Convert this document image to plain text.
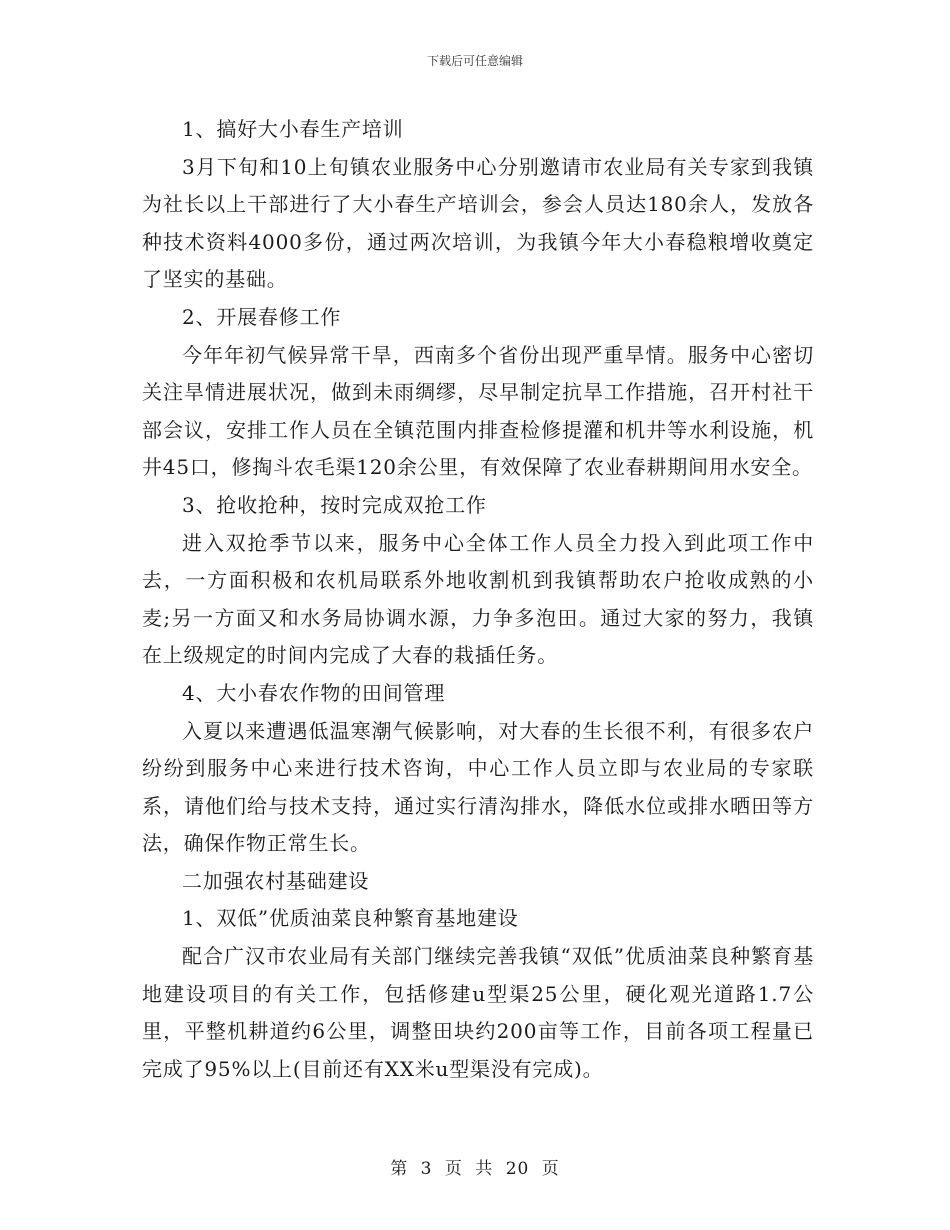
下载后可任意编辑

1、搞好大小春生产培训

3月下旬和10上旬镇农业服务中心分别邀请市农业局有关专家到我镇为社长以上干部进行了大小春生产培训会，参会人员达180余人，发放各种技术资料4000多份，通过两次培训，为我镇今年大小春稳粮增收奠定了坚实的基础。

2、开展春修工作

今年年初气候异常干旱，西南多个省份出现严重旱情。服务中心密切关注旱情进展状况，做到未雨绸缪，尽早制定抗旱工作措施，召开村社干部会议，安排工作人员在全镇范围内排查检修提灌和机井等水利设施，机井45口，修掏斗农毛渠120余公里，有效保障了农业春耕期间用水安全。

3、抢收抢种，按时完成双抢工作

进入双抢季节以来，服务中心全体工作人员全力投入到此项工作中去，一方面积极和农机局联系外地收割机到我镇帮助农户抢收成熟的小麦;另一方面又和水务局协调水源，力争多泡田。通过大家的努力，我镇在上级规定的时间内完成了大春的栽插任务。

4、大小春农作物的田间管理

入夏以来遭遇低温寒潮气候影响，对大春的生长很不利，有很多农户纷纷到服务中心来进行技术咨询，中心工作人员立即与农业局的专家联系，请他们给与技术支持，通过实行清沟排水，降低水位或排水晒田等方法，确保作物正常生长。

二加强农村基础建设

1、双低”优质油菜良种繁育基地建设

配合广汉市农业局有关部门继续完善我镇“双低”优质油菜良种繁育基地建设项目的有关工作，包括修建u型渠25公里，硬化观光道路1.7公里，平整机耕道约6公里，调整田块约200亩等工作，目前各项工程量已完成了95%以上(目前还有XX米u型渠没有完成)。

第 3 页 共 20 页
